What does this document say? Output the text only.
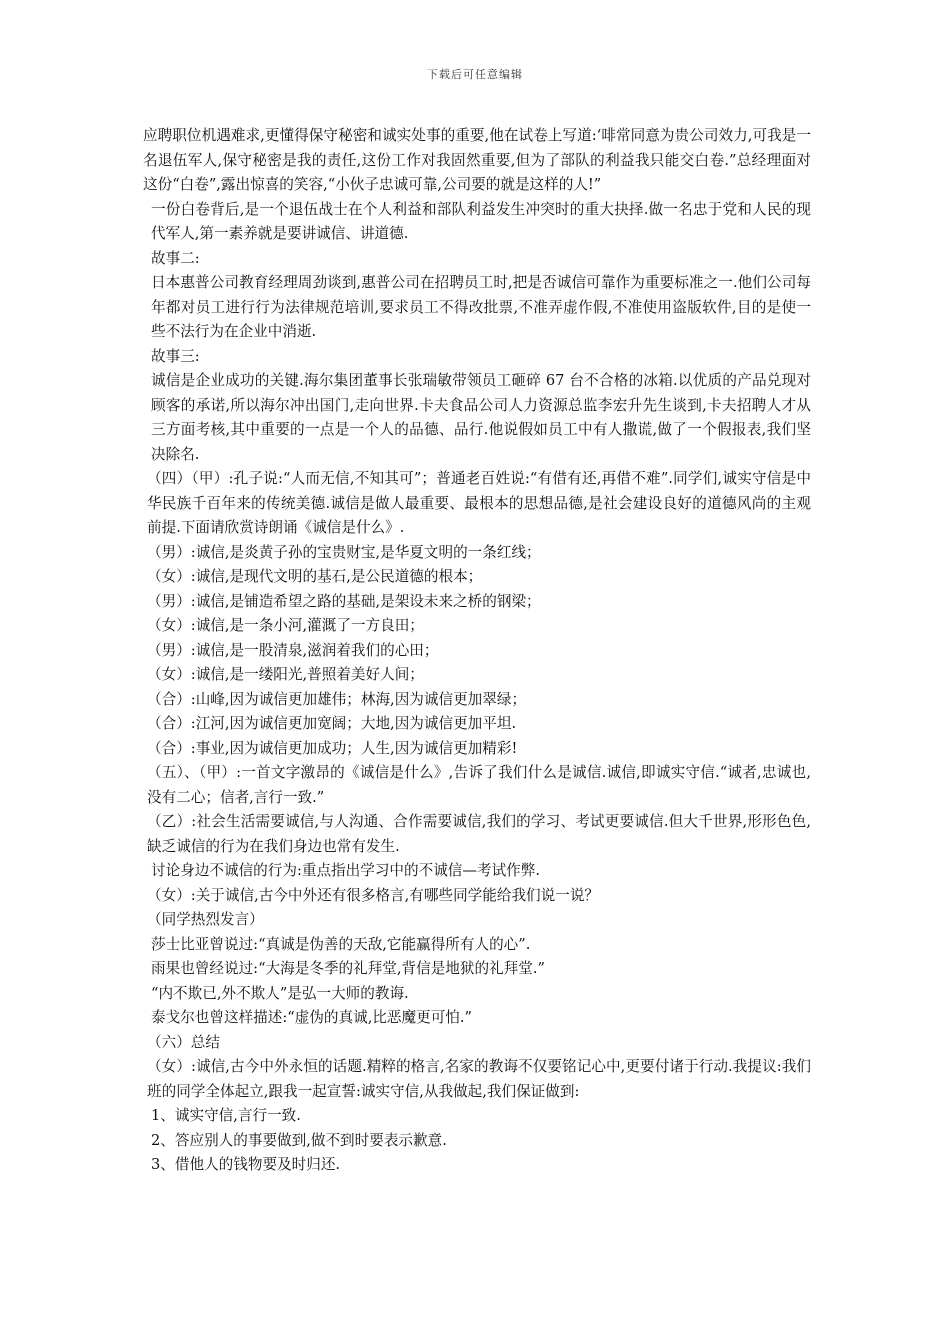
下载后可任意编辑

应聘职位机遇难求,更懂得保守秘密和诚实处事的重要,他在试卷上写道:‘啡常同意为贵公司效力,可我是一名退伍军人,保守秘密是我的责任,这份工作对我固然重要,但为了部队的利益我只能交白卷.”总经理面对这份“白卷”,露出惊喜的笑容,“小伙子忠诚可靠,公司要的就是这样的人!”

一份白卷背后,是一个退伍战士在个人利益和部队利益发生冲突时的重大抉择.做一名忠于党和人民的现代军人,第一素养就是要讲诚信、讲道德.

故事二:

日本惠普公司教育经理周劲谈到,惠普公司在招聘员工时,把是否诚信可靠作为重要标准之一.他们公司每年都对员工进行行为法律规范培训,要求员工不得改批票,不准弄虚作假,不准使用盗版软件,目的是使一些不法行为在企业中消逝.

故事三:

诚信是企业成功的关键.海尔集团董事长张瑞敏带领员工砸碎 67 台不合格的冰箱.以优质的产品兑现对顾客的承诺,所以海尔冲出国门,走向世界.卡夫食品公司人力资源总监李宏升先生谈到,卡夫招聘人才从三方面考核,其中重要的一点是一个人的品德、品行.他说假如员工中有人撒谎,做了一个假报表,我们坚决除名.

（四）（甲）:孔子说:“人而无信,不知其可”；普通老百姓说:“有借有还,再借不难”.同学们,诚实守信是中华民族千百年来的传统美德.诚信是做人最重要、最根本的思想品德,是社会建设良好的道德风尚的主观前提.下面请欣赏诗朗诵《诚信是什么》.

（男）:诚信,是炎黄子孙的宝贵财宝,是华夏文明的一条红线；

（女）:诚信,是现代文明的基石,是公民道德的根本；

（男）:诚信,是铺造希望之路的基础,是架设未来之桥的钢梁；

（女）:诚信,是一条小河,灌溉了一方良田；

（男）:诚信,是一股清泉,滋润着我们的心田；

（女）:诚信,是一缕阳光,普照着美好人间；

（合）:山峰,因为诚信更加雄伟；林海,因为诚信更加翠绿；

（合）:江河,因为诚信更加宽阔；大地,因为诚信更加平坦.

（合）:事业,因为诚信更加成功；人生,因为诚信更加精彩!

（五）、（甲）:一首文字激昂的《诚信是什么》,告诉了我们什么是诚信.诚信,即诚实守信.“诚者,忠诚也,没有二心；信者,言行一致.”

（乙）:社会生活需要诚信,与人沟通、合作需要诚信,我们的学习、考试更要诚信.但大千世界,形形色色,缺乏诚信的行为在我们身边也常有发生.

讨论身边不诚信的行为:重点指出学习中的不诚信—考试作弊.

（女）:关于诚信,古今中外还有很多格言,有哪些同学能给我们说一说？

（同学热烈发言）

莎士比亚曾说过:“真诚是伪善的天敌,它能赢得所有人的心”.

雨果也曾经说过:“大海是冬季的礼拜堂,背信是地狱的礼拜堂.”

“内不欺已,外不欺人”是弘一大师的教诲.

泰戈尔也曾这样描述:“虚伪的真诚,比恶魔更可怕.”

（六）总结

（女）:诚信,古今中外永恒的话题.精粹的格言,名家的教诲不仅要铭记心中,更要付诸于行动.我提议:我们班的同学全体起立,跟我一起宣誓:诚实守信,从我做起,我们保证做到:

1、诚实守信,言行一致.

2、答应别人的事要做到,做不到时要表示歉意.

3、借他人的钱物要及时归还.
